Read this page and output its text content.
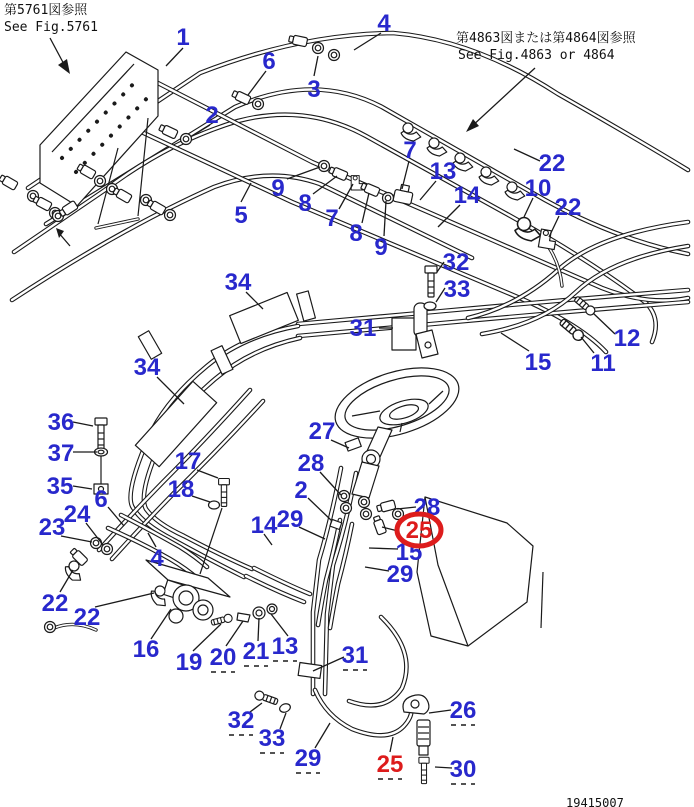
1
4
6
3
2
5
9
8
7
8
9
7
13
14
22
10
22
32
33
31
34
34	15
12
11
36
37
35 6
17
18
27
28
2
23
24	29
14
28
25
15
29
4
22
22
16 19 20 21 13 31
26
32
33
29 25 30
第5761図参照
See Fig.5761
第4863図または第4864図参照
See Fig.4863 or 4864
19415007
